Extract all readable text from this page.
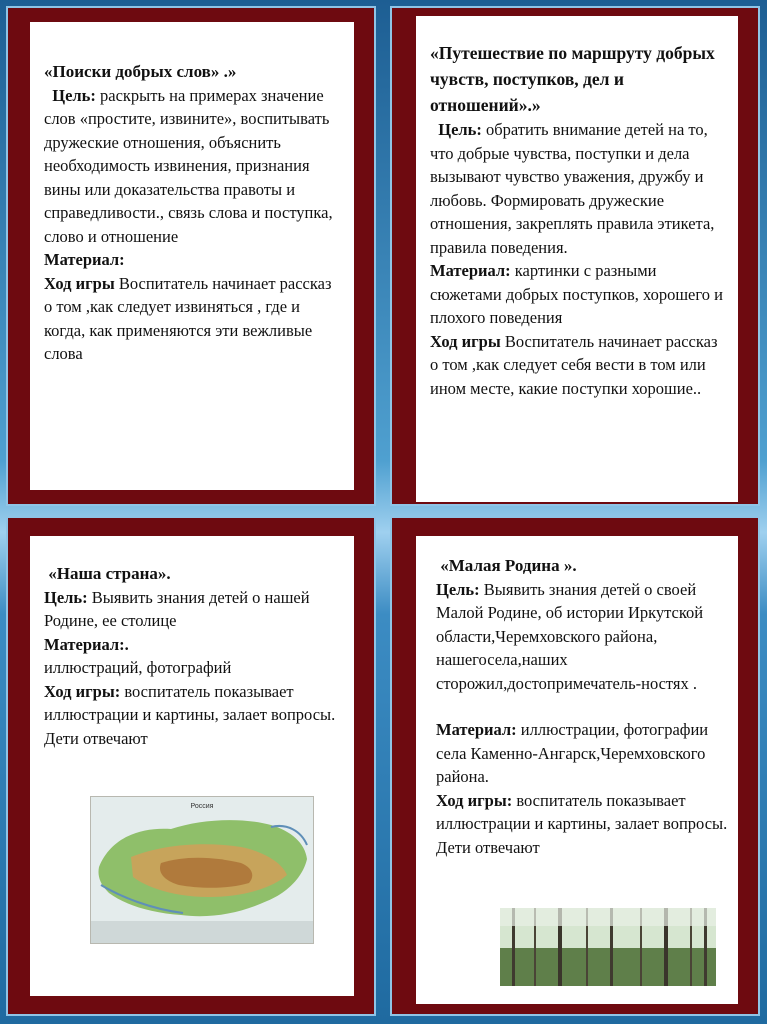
«Поиски добрых слов» .»

Цель: раскрыть на примерах значение слов «простите, извините», воспитывать дружеские отношения, объяснить необходимость извинения, признания вины или доказательства правоты и справедливости., связь слова и поступка, слово и отношение

Материал:

Ход игры Воспитатель начинает рассказ о том ,как следует извиняться , где и когда, как применяются эти вежливые слова

«Путешествие по маршруту добрых чувств, поступков, дел и отношений».»

Цель: обратить внимание детей на то, что добрые чувства, поступки и дела вызывают чувство уважения, дружбу и любовь. Формировать дружеские отношения, закреплять правила этикета, правила поведения.

Материал: картинки с разными сюжетами добрых поступков, хорошего и плохого поведения

Ход игры Воспитатель начинает рассказ о том ,как следует себя вести в том или ином месте, какие поступки хорошие..

«Наша страна».

Цель: Выявить знания детей о нашей Родине, ее столице

Материал:.

иллюстраций, фотографий

Ход игры: воспитатель показывает иллюстрации и картины, залает вопросы. Дети отвечают

Россия

«Малая Родина ».

Цель: Выявить знания детей о своей Малой Родине, об истории Иркутской области,Черемховского района, нашегосела,наших сторожил,достопримечатель-ностях .

Материал: иллюстрации, фотографии села Каменно-Ангарск,Черемховского района.

Ход игры: воспитатель показывает иллюстрации и картины, залает вопросы. Дети отвечают
